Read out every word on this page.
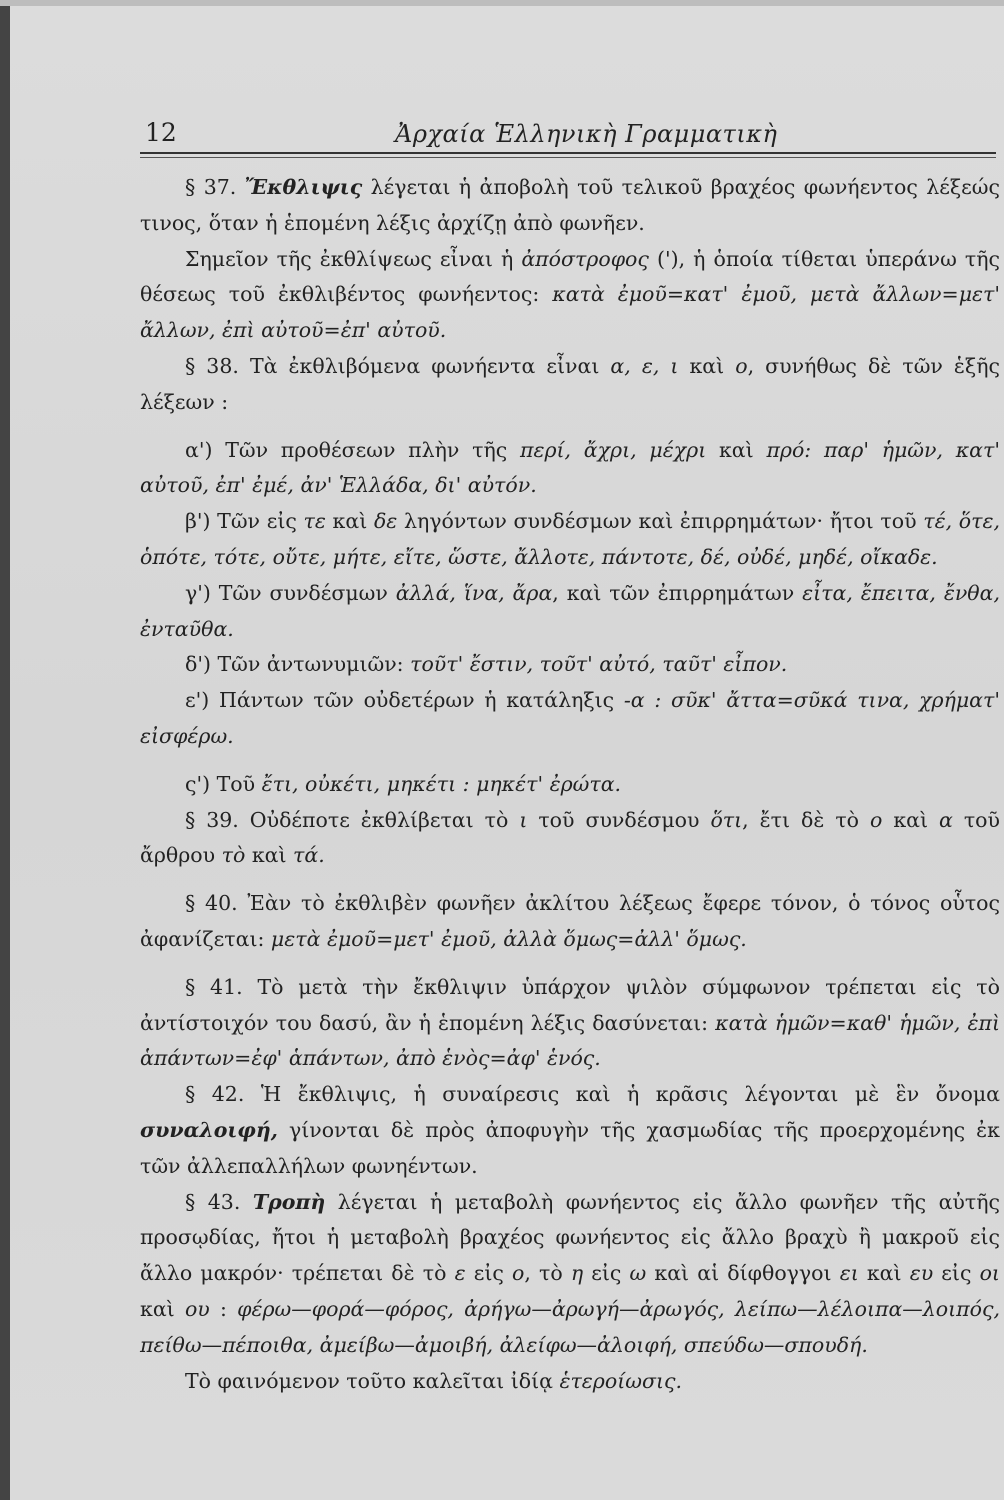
12	Ἀρχαία Ἑλληνικὴ Γραμματικὴ

§ 37. Ἔκθλιψις λέγεται ἡ ἀποβολὴ τοῦ τελικοῦ βραχέος φωνήεντος λέξεώς τινος, ὅταν ἡ ἑπομένη λέξις ἀρχίζῃ ἀπὸ φωνῆεν.

Σημεῖον τῆς ἐκθλίψεως εἶναι ἡ ἀπόστροφος ('), ἡ ὁποία τίθεται ὑπεράνω τῆς θέσεως τοῦ ἐκθλιβέντος φωνήεντος: κατὰ ἐμοῦ=κατ' ἐμοῦ, μετὰ ἄλλων=μετ' ἄλλων, ἐπὶ αὐτοῦ=ἐπ' αὐτοῦ.

§ 38. Τὰ ἐκθλιβόμενα φωνήεντα εἶναι α, ε, ι καὶ ο, συνήθως δὲ τῶν ἑξῆς λέξεων :

α') Τῶν προθέσεων πλὴν τῆς περί, ἄχρι, μέχρι καὶ πρό: παρ' ἡμῶν, κατ' αὐτοῦ, ἐπ' ἐμέ, ἀν' Ἑλλάδα, δι' αὐτόν.

β') Τῶν εἰς τε καὶ δε ληγόντων συνδέσμων καὶ ἐπιρρημάτων· ἤτοι τοῦ τέ, ὅτε, ὁπότε, τότε, οὔτε, μήτε, εἴτε, ὥστε, ἄλλοτε, πάντοτε, δέ, οὐδέ, μηδέ, οἴκαδε.

γ') Τῶν συνδέσμων ἀλλά, ἵνα, ἄρα, καὶ τῶν ἐπιρρημάτων εἶτα, ἔπειτα, ἔνθα, ἐνταῦθα.

δ') Τῶν ἀντωνυμιῶν: τοῦτ' ἔστιν, τοῦτ' αὐτό, ταῦτ' εἶπον.

ε') Πάντων τῶν οὐδετέρων ἡ κατάληξις -α : σῦκ' ἄττα=σῦκά τινα, χρήματ' εἰσφέρω.

ς') Τοῦ ἔτι, οὐκέτι, μηκέτι : μηκέτ' ἐρώτα.

§ 39. Οὐδέποτε ἐκθλίβεται τὸ ι τοῦ συνδέσμου ὅτι, ἔτι δὲ τὸ ο καὶ α τοῦ ἄρθρου τὸ καὶ τά.

§ 40. Ἐὰν τὸ ἐκθλιβὲν φωνῆεν ἀκλίτου λέξεως ἔφερε τόνον, ὁ τόνος οὗτος ἀφανίζεται: μετὰ ἐμοῦ=μετ' ἐμοῦ, ἀλλὰ ὅμως=ἀλλ' ὅμως.

§ 41. Τὸ μετὰ τὴν ἔκθλιψιν ὑπάρχον ψιλὸν σύμφωνον τρέπεται εἰς τὸ ἀντίστοιχόν του δασύ, ἂν ἡ ἑπομένη λέξις δασύνεται: κατὰ ἡμῶν=καθ' ἡμῶν, ἐπὶ ἁπάντων=ἐφ' ἁπάντων, ἀπὸ ἑνὸς=ἀφ' ἑνός.

§ 42. Ἡ ἔκθλιψις, ἡ συναίρεσις καὶ ἡ κρᾶσις λέγονται μὲ ἓν ὄνομα συναλοιφή, γίνονται δὲ πρὸς ἀποφυγὴν τῆς χασμωδίας τῆς προερχομένης ἐκ τῶν ἀλλεπαλλήλων φωνηέντων.

§ 43. Τροπὴ λέγεται ἡ μεταβολὴ φωνήεντος εἰς ἄλλο φωνῆεν τῆς αὐτῆς προσῳδίας, ἤτοι ἡ μεταβολὴ βραχέος φωνήεντος εἰς ἄλλο βραχὺ ἢ μακροῦ εἰς ἄλλο μακρόν· τρέπεται δὲ τὸ ε εἰς ο, τὸ η εἰς ω καὶ αἱ δίφθογγοι ει καὶ ευ εἰς οι καὶ ου : φέρω—φορά—φόρος, ἀρήγω—ἀρωγή—ἀρωγός, λείπω—λέλοιπα—λοιπός, πείθω—πέποιθα, ἀμείβω—ἀμοιβή, ἀλείφω—ἀλοιφή, σπεύδω—σπουδή.

Τὸ φαινόμενον τοῦτο καλεῖται ἰδίᾳ ἑτεροίωσις.
